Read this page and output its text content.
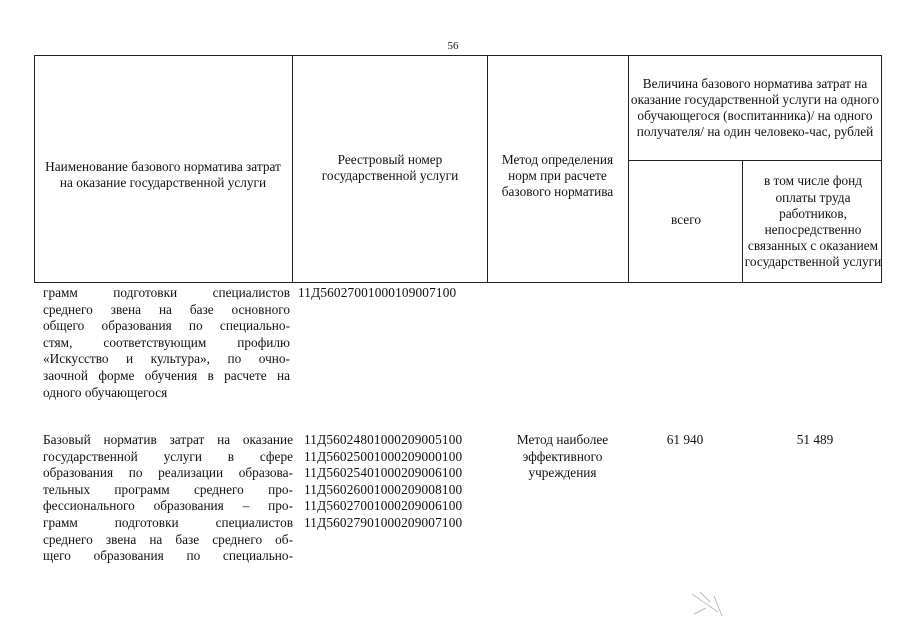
56
Наименование базового норматива затрат на оказание государственной услуги
Реестровый номер государственной услуги
Метод определения норм при расчете базового норматива
Величина базового норматива затрат на оказание государственной услуги на одного обучающегося (воспитанника)/ на одного получателя/ на один человеко-час, рублей
всего
в том числе фонд оплаты труда работников, непосредственно связанных с оказанием государственной услуги
грамм подготовки специалистов
среднего звена на базе основного
общего образования по специально-
стям, соответствующим профилю
«Искусство и культура», по очно-
заочной форме обучения в расчете на
одного обучающегося
11Д56027001000109007100
Базовый норматив затрат на оказание
государственной услуги в сфере
образования по реализации образова-
тельных программ среднего про-
фессионального образования – про-
грамм подготовки специалистов
среднего звена на базе среднего об-
щего образования по специально-
11Д56024801000209005100
11Д56025001000209000100
11Д56025401000209006100
11Д56026001000209008100
11Д56027001000209006100
11Д56027901000209007100
Метод наиболее эффективного учреждения
61 940	51 489
